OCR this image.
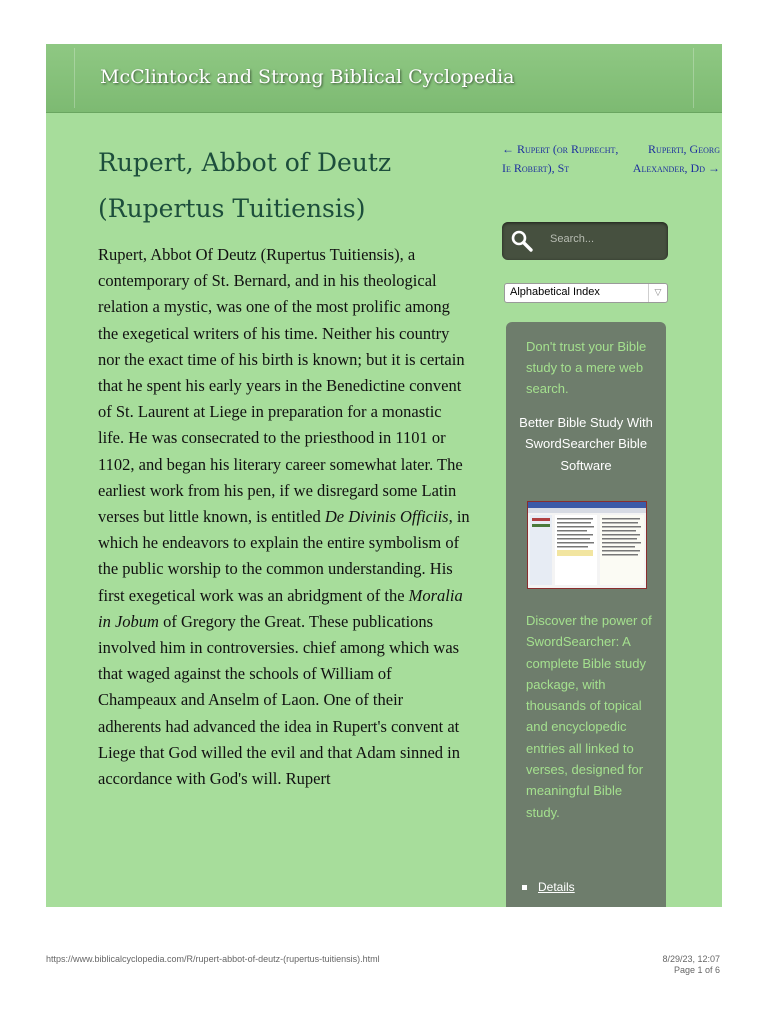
McClintock and Strong Biblical Cyclopedia
Rupert, Abbot of Deutz (Rupertus Tuitiensis)

Rupert, Abbot Of Deutz (Rupertus Tuitiensis), a contemporary of St. Bernard, and in his theological relation a mystic, was one of the most prolific among the exegetical writers of his time. Neither his country nor the exact time of his birth is known; but it is certain that he spent his early years in the Benedictine convent of St. Laurent at Liege in preparation for a monastic life. He was consecrated to the priesthood in 1101 or 1102, and began his literary career somewhat later. The earliest work from his pen, if we disregard some Latin verses but little known, is entitled De Divinis Officiis, in which he endeavors to explain the entire symbolism of the public worship to the common understanding. His first exegetical work was an abridgment of the Moralia in Jobum of Gregory the Great. These publications involved him in controversies. chief among which was that waged against the schools of William of Champeaux and Anselm of Laon. One of their adherents had advanced the idea in Rupert's convent at Liege that God willed the evil and that Adam sinned in accordance with God's will. Rupert

← Rupert (or Ruprecht, Ie Robert), St
Ruperti, Georg Alexander, Dd →
Search...
Alphabetical Index	▽

Don't trust your Bible study to a mere web search.

Better Bible Study With SwordSearcher Bible Software

Discover the power of SwordSearcher: A complete Bible study package, with thousands of topical and encyclopedic entries all linked to verses, designed for meaningful Bible study.

Details
https://www.biblicalcyclopedia.com/R/rupert-abbot-of-deutz-(rupertus-tuitiensis).html	8/29/23, 12:07
Page 1 of 6
